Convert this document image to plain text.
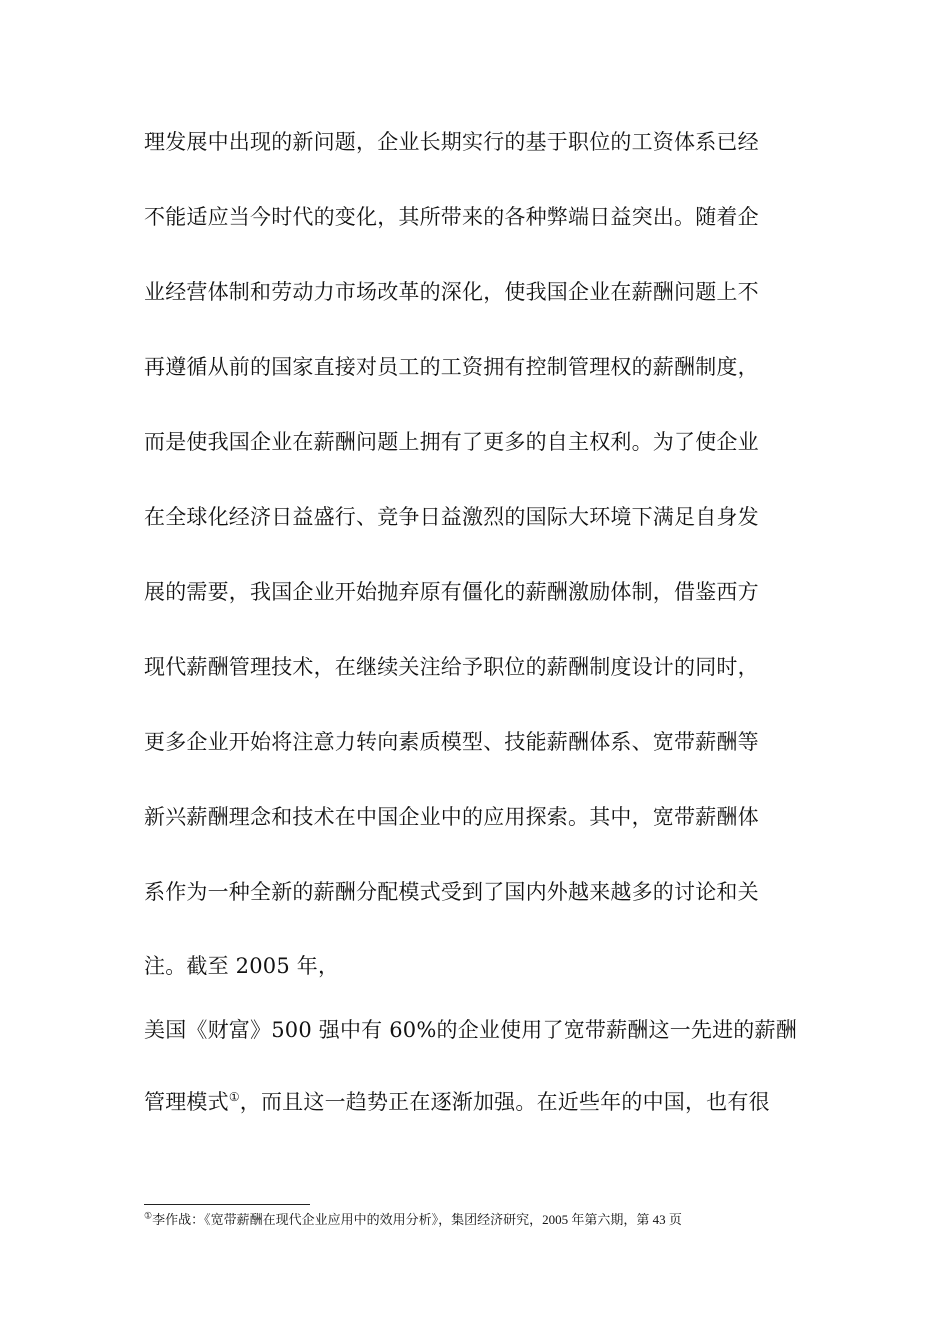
理发展中出现的新问题，企业长期实行的基于职位的工资体系已经
不能适应当今时代的变化，其所带来的各种弊端日益突出。随着企
业经营体制和劳动力市场改革的深化，使我国企业在薪酬问题上不
再遵循从前的国家直接对员工的工资拥有控制管理权的薪酬制度，
而是使我国企业在薪酬问题上拥有了更多的自主权利。为了使企业
在全球化经济日益盛行、竞争日益激烈的国际大环境下满足自身发
展的需要，我国企业开始抛弃原有僵化的薪酬激励体制，借鉴西方
现代薪酬管理技术，在继续关注给予职位的薪酬制度设计的同时，
更多企业开始将注意力转向素质模型、技能薪酬体系、宽带薪酬等
新兴薪酬理念和技术在中国企业中的应用探索。其中，宽带薪酬体
系作为一种全新的薪酬分配模式受到了国内外越来越多的讨论和关
注。截至 2005 年，
美国《财富》500 强中有 60%的企业使用了宽带薪酬这一先进的薪酬
管理模式①，而且这一趋势正在逐渐加强。在近些年的中国，也有很
①李作战：《宽带薪酬在现代企业应用中的效用分析》，集团经济研究，2005 年第六期，第 43 页
